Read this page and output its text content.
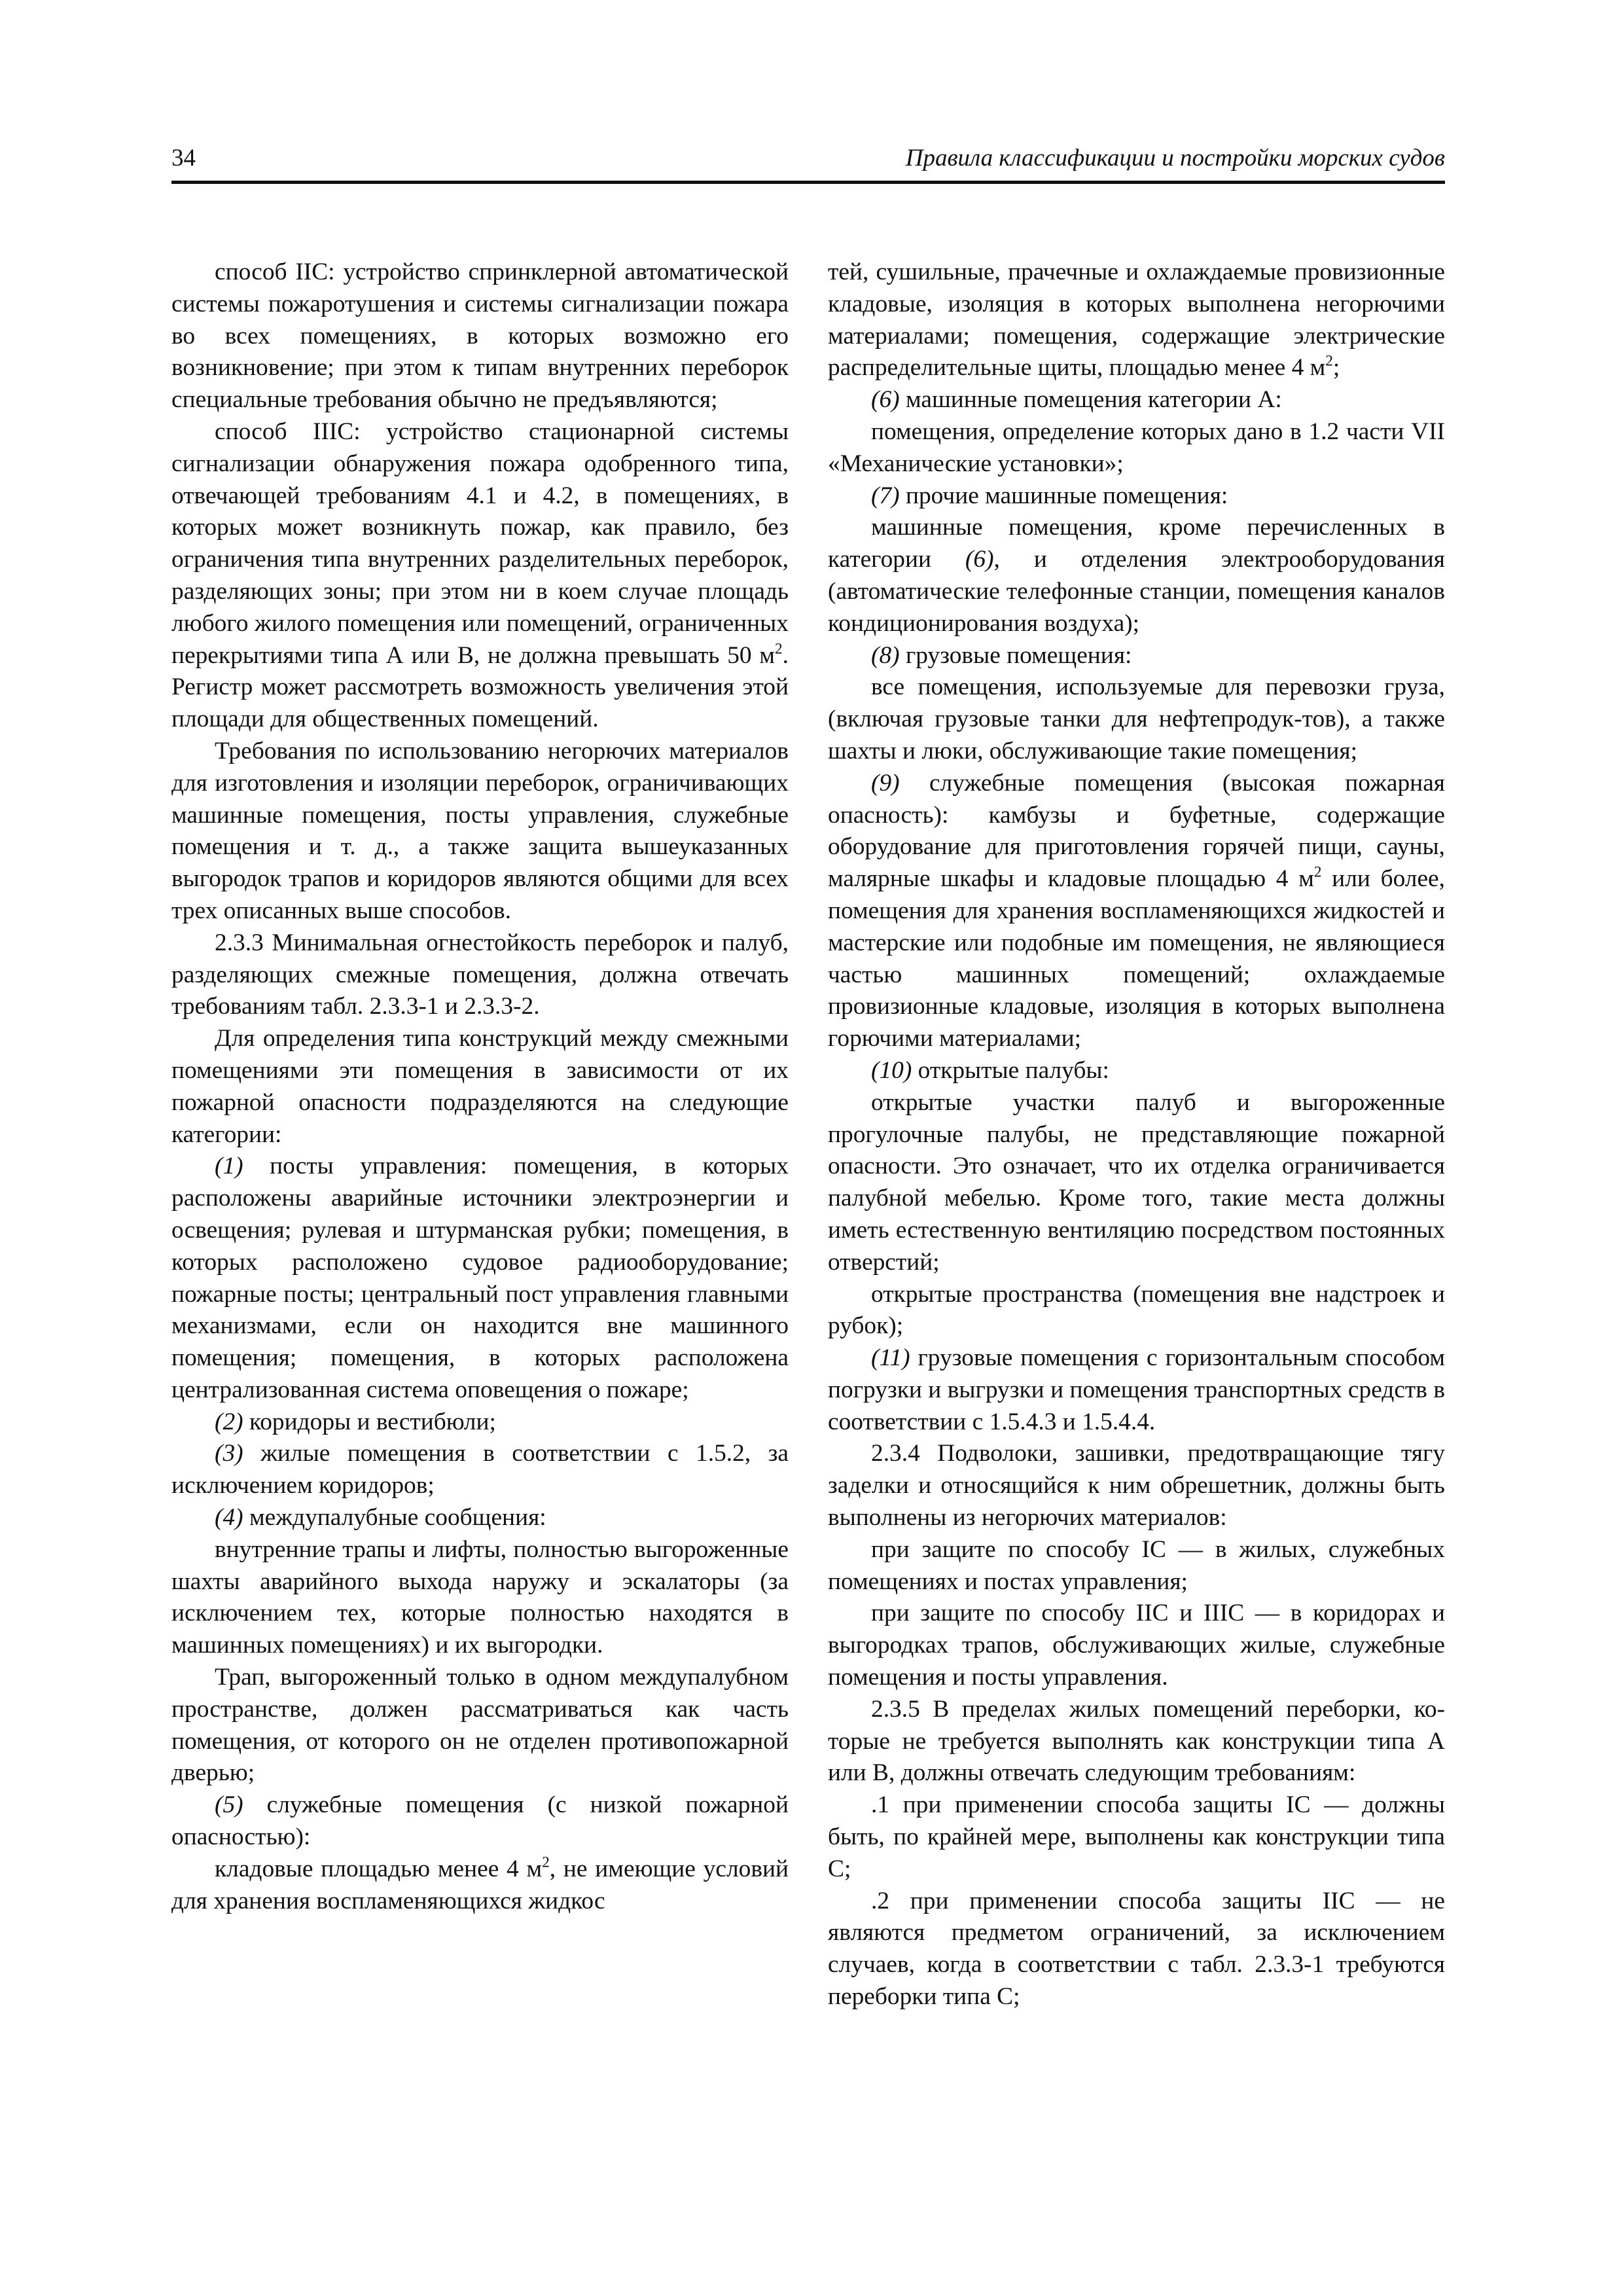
34	Правила классификации и постройки морских судов

способ IIС: устройство спринклерной автоматической системы пожаротушения и системы сигнализации пожара во всех помещениях, в которых возможно его возникновение; при этом к типам внутренних переборок специальные требования обычно не предъявляются;

способ IIIС: устройство стационарной системы сигнализации обнаружения пожара одобренного типа, отвечающей требованиям 4.1 и 4.2, в помещениях, в которых может возникнуть пожар, как правило, без ограничения типа внутренних разделительных переборок, разделяющих зоны; при этом ни в коем случае площадь любого жилого помещения или помещений, ограниченных перекрытиями типа А или В, не должна превышать 50 $м^2$. Регистр может рассмотреть возможность увеличения этой площади для общественных помещений.

Требования по использованию негорючих материалов для изготовления и изоляции переборок, ограничивающих машинные помещения, посты управления, служебные помещения и т. д., а также защита вышеуказанных выгородок трапов и коридоров являются общими для всех трех описанных выше способов.

2.3.3 Минимальная огнестойкость переборок и палуб, разделяющих смежные помещения, должна отвечать требованиям табл. 2.3.3-1 и 2.3.3-2.

Для определения типа конструкций между смежными помещениями эти помещения в зависимости от их пожарной опасности подразделяются на следующие категории:

(1) посты управления: помещения, в которых расположены аварийные источники электроэнергии и освещения; рулевая и штурманская рубки; помещения, в которых расположено судовое радиооборудование; пожарные посты; центральный пост управления главными механизмами, если он находится вне машинного помещения; помещения, в которых расположена централизованная система оповещения о пожаре;

(2) коридоры и вестибюли;

(3) жилые помещения в соответствии с 1.5.2, за исключением коридоров;

(4) междупалубные сообщения:

внутренние трапы и лифты, полностью выгороженные шахты аварийного выхода наружу и эскалаторы (за исключением тех, которые полностью находятся в машинных помещениях) и их выгородки.

Трап, выгороженный только в одном междупалубном пространстве, должен рассматриваться как часть помещения, от которого он не отделен противопожарной дверью;

(5) служебные помещения (с низкой пожарной опасностью):

кладовые площадью менее 4 $м^2$, не имеющие условий для хранения воспламеняющихся жидкос

тей, сушильные, прачечные и охлаждаемые провизионные кладовые, изоляция в которых выполнена негорючими материалами; помещения, содержащие электрические распределительные щиты, площадью менее 4 $м^2$;

(6) машинные помещения категории А:

помещения, определение которых дано в 1.2 части VII «Механические установки»;

(7) прочие машинные помещения:

машинные помещения, кроме перечисленных в категории (6), и отделения электрооборудования (автоматические телефонные станции, помещения каналов кондиционирования воздуха);

(8) грузовые помещения:

все помещения, используемые для перевозки груза, (включая грузовые танки для нефтепродук-тов), а также шахты и люки, обслуживающие такие помещения;

(9) служебные помещения (высокая пожарная опасность): камбузы и буфетные, содержащие оборудование для приготовления горячей пищи, сауны, малярные шкафы и кладовые площадью 4 $м^2$ или более, помещения для хранения воспламеняющихся жидкостей и мастерские или подобные им помещения, не являющиеся частью машинных помещений; охлаждаемые провизионные кладовые, изоляция в которых выполнена горючими материалами;

(10) открытые палубы:

открытые участки палуб и выгороженные прогулочные палубы, не представляющие пожарной опасности. Это означает, что их отделка ограничивается палубной мебелью. Кроме того, такие места должны иметь естественную вентиляцию посредством постоянных отверстий;

открытые пространства (помещения вне надстроек и рубок);

(11) грузовые помещения с горизонтальным способом погрузки и выгрузки и помещения транспортных средств в соответствии с 1.5.4.3 и 1.5.4.4.

2.3.4 Подволоки, зашивки, предотвращающие тягу заделки и относящийся к ним обрешетник, должны быть выполнены из негорючих материалов:

при защите по способу IС — в жилых, служебных помещениях и постах управления;

при защите по способу IIС и IIIС — в коридорах и выгородках трапов, обслуживающих жилые, служебные помещения и посты управления.

2.3.5 В пределах жилых помещений переборки, которые не требуется выполнять как конструкции типа А или В, должны отвечать следующим требованиям:

.1 при применении способа защиты IС — должны быть, по крайней мере, выполнены как конструкции типа С;

.2 при применении способа защиты IIС — не являются предметом ограничений, за исключением случаев, когда в соответствии с табл. 2.3.3-1 требуются переборки типа С;
